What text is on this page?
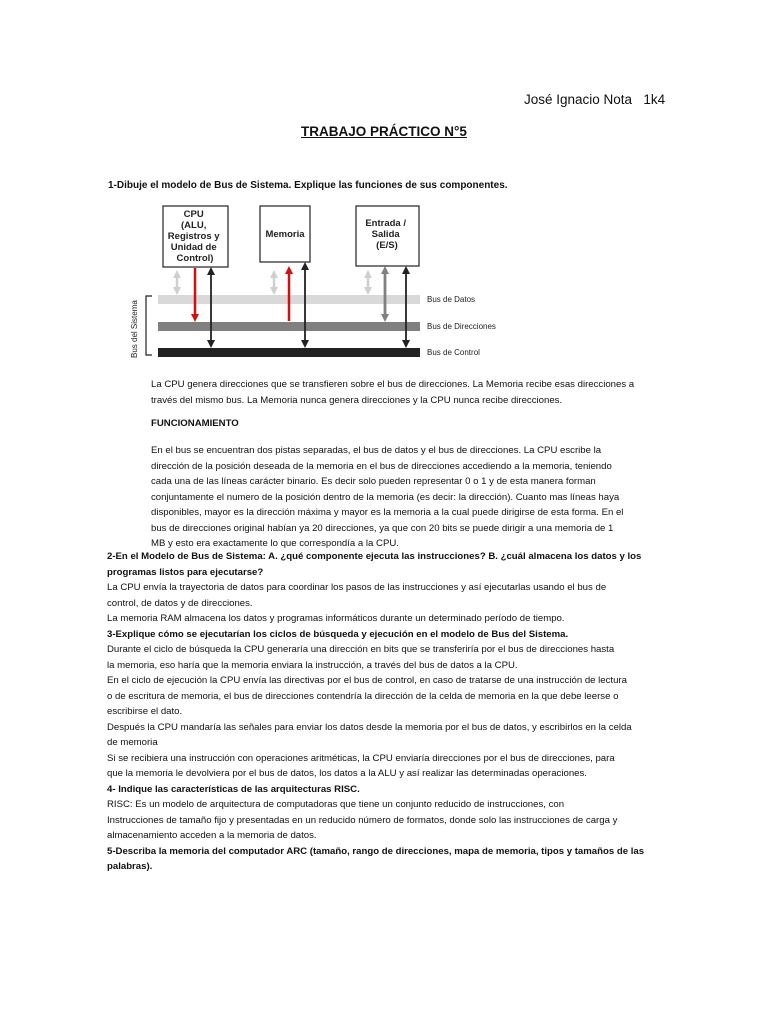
José Ignacio Nota   1k4
TRABAJO PRÁCTICO N°5
1-Dibuje el modelo de Bus de Sistema. Explique las funciones de sus componentes.
Bus del Sistema
CPU (ALU, Registros y Unidad de Control)
Memoria
Entrada / Salida (E/S)
Bus de Datos
Bus de Direcciones
Bus de Control
La CPU genera direcciones que se transfieren sobre el bus de direcciones. La Memoria recibe esas direcciones a
través del mismo bus. La Memoria nunca genera direcciones y la CPU nunca recibe direcciones.
FUNCIONAMIENTO
En el bus se encuentran dos pistas separadas, el bus de datos y el bus de direcciones. La CPU escribe la
dirección de la posición deseada de la memoria en el bus de direcciones accediendo a la memoria, teniendo
cada una de las líneas carácter binario. Es decir solo pueden representar 0 o 1 y de esta manera forman
conjuntamente el numero de la posición dentro de la memoria (es decir: la dirección). Cuanto mas líneas haya
disponibles, mayor es la dirección máxima y mayor es la memoria a la cual puede dirigirse de esta forma. En el
bus de direcciones original habían ya 20 direcciones, ya que con 20 bits se puede dirigir a una memoria de 1
MB y esto era exactamente lo que correspondía a la CPU.
2-En el Modelo de Bus de Sistema: A. ¿qué componente ejecuta las instrucciones? B. ¿cuál almacena los datos y los
programas listos para ejecutarse?
La CPU envía la trayectoria de datos para coordinar los pasos de las instrucciones y así ejecutarlas usando el bus de
control, de datos y de direcciones.
La memoria RAM almacena los datos y programas informáticos durante un determinado período de tiempo.
3-Explique cómo se ejecutarían los ciclos de búsqueda y ejecución en el modelo de Bus del Sistema.
Durante el ciclo de búsqueda la CPU generaría una dirección en bits que se transferiría por el bus de direcciones hasta
la memoria, eso haría que la memoria enviara la instrucción, a través del bus de datos a la CPU.
En el ciclo de ejecución la CPU envía las directivas por el bus de control, en caso de tratarse de una instrucción de lectura
o de escritura de memoria, el bus de direcciones contendría la dirección de la celda de memoria en la que debe leerse o
escribirse el dato.
Después la CPU mandaría las señales para enviar los datos desde la memoria por el bus de datos, y escribirlos en la celda
de memoria
Si se recibiera una instrucción con operaciones aritméticas, la CPU enviaría direcciones por el bus de direcciones, para
que la memoria le devolviera por el bus de datos, los datos a la ALU y así realizar las determinadas operaciones.
4- Indique las características de las arquitecturas RISC.
RISC: Es un modelo de arquitectura de computadoras que tiene un conjunto reducido de instrucciones, con
Instrucciones de tamaño fijo y presentadas en un reducido número de formatos, donde solo las instrucciones de carga y
almacenamiento acceden a la memoria de datos.
5-Describa la memoria del computador ARC (tamaño, rango de direcciones, mapa de memoria, tipos y tamaños de las
palabras).
